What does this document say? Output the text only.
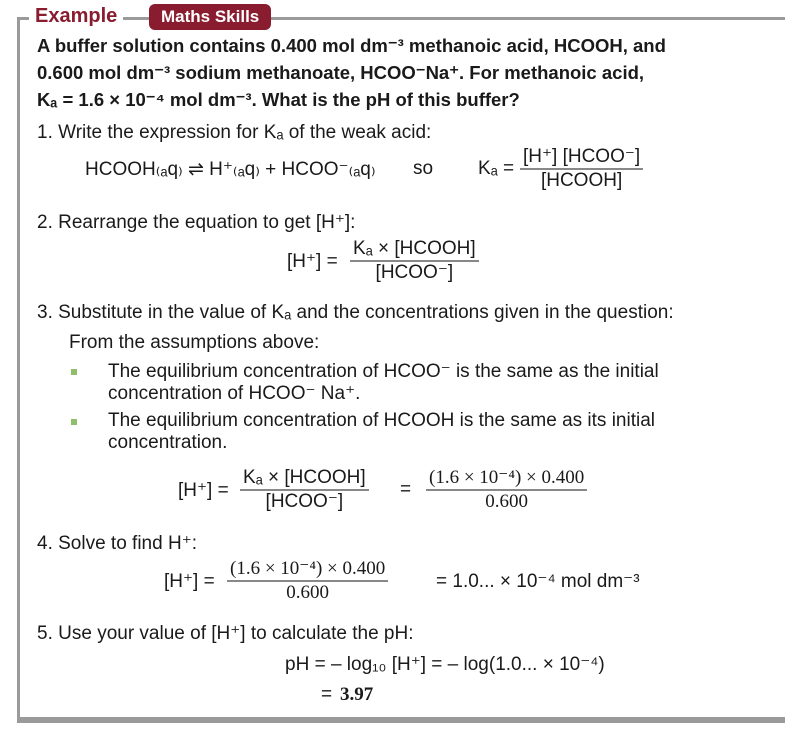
Example	Maths Skills
A buffer solution contains 0.400 mol dm⁻³ methanoic acid, HCOOH, and
0.600 mol dm⁻³ sodium methanoate, HCOO⁻Na⁺. For methanoic acid,
Kₐ = 1.6 × 10⁻⁴ mol dm⁻³. What is the pH of this buffer?
1. Write the expression for Kₐ of the weak acid:
HCOOH₍ₐq₎ ⇌ H⁺₍ₐq₎ + HCOO⁻₍ₐq₎ so $K_a = \frac{\text{[H⁺] [HCOO⁻]}}{\text{[HCOOH]}}$
2. Rearrange the equation to get [H⁺]:
$[H^+] = \frac{\text{Kₐ × [HCOOH]}}{\text{[HCOO⁻]}}$
3. Substitute in the value of Kₐ and the concentrations given in the question:
From the assumptions above:
The equilibrium concentration of HCOO⁻ is the same as the initial
concentration of HCOO⁻ Na⁺.
The equilibrium concentration of HCOOH is the same as its initial
concentration.
$[H^+] = \frac{\text{Kₐ × [HCOOH]}}{\text{[HCOO⁻]}} = \frac{\text{(1.6 × 10⁻⁴) × 0.400}}{0.600}$
4. Solve to find H⁺:
$[H^+] = \frac{\text{(1.6 × 10⁻⁴) × 0.400}}{0.600}$	= 1.0... × 10⁻⁴ mol dm⁻³
5. Use your value of [H⁺] to calculate the pH:
pH = – log₁₀ [H⁺] = – log(1.0... × 10⁻⁴)
= 3.97
